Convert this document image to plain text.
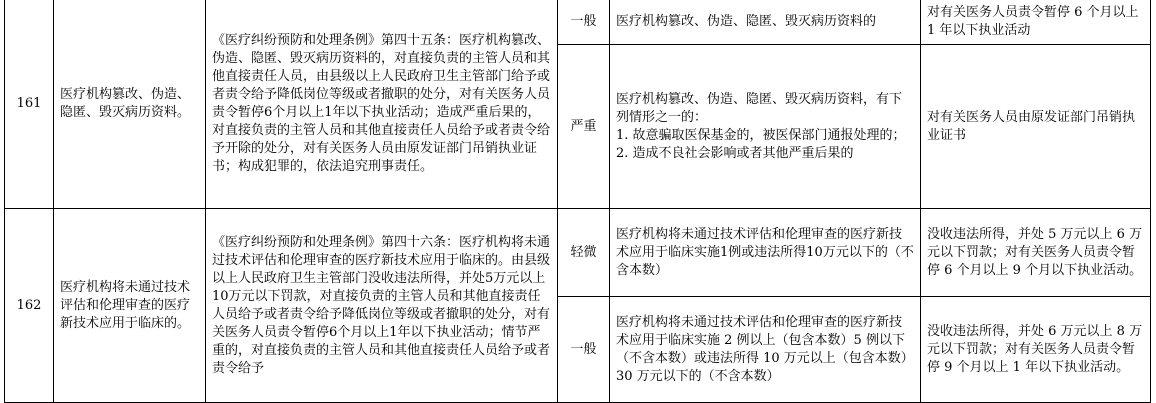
161	医疗机构篡改、伪造、隐匿、毁灭病历资料。	《医疗纠纷预防和处理条例》第四十五条：医疗机构篡改、伪造、隐匿、毁灭病历资料的，对直接负责的主管人员和其他直接责任人员，由县级以上人民政府卫生主管部门给予或者责令给予降低岗位等级或者撤职的处分，对有关医务人员责令暂停6个月以上1年以下执业活动；造成严重后果的，对直接负责的主管人员和其他直接责任人员给予或者责令给予开除的处分，对有关医务人员由原发证部门吊销执业证书；构成犯罪的，依法追究刑事责任。	一般	医疗机构篡改、伪造、隐匿、毁灭病历资料的	对有关医务人员责令暂停 6 个月以上 1 年以下执业活动
			严重	医疗机构篡改、伪造、隐匿、毁灭病历资料，有下列情形之一的：
1. 故意骗取医保基金的，被医保部门通报处理的；
2. 造成不良社会影响或者其他严重后果的	对有关医务人员由原发证部门吊销执业证书
162	医疗机构将未通过技术评估和伦理审查的医疗新技术应用于临床的。	《医疗纠纷预防和处理条例》第四十六条：医疗机构将未通过技术评估和伦理审查的医疗新技术应用于临床的。由县级以上人民政府卫生主管部门没收违法所得，并处5万元以上10万元以下罚款，对直接负责的主管人员和其他直接责任人员给予或者责令给予降低岗位等级或者撤职的处分，对有关医务人员责令暂停6个月以上1年以下执业活动；情节严重的，对直接负责的主管人员和其他直接责任人员给予或者责令给予	轻微	医疗机构将未通过技术评估和伦理审查的医疗新技术应用于临床实施1例或违法所得10万元以下的（不含本数）	没收违法所得，并处 5 万元以上 6 万元以下罚款；对有关医务人员责令暂停 6 个月以上 9 个月以下执业活动。
			一般	医疗机构将未通过技术评估和伦理审查的医疗新技术应用于临床实施 2 例以上（包含本数）5 例以下（不含本数）或违法所得 10 万元以上（包含本数）30 万元以下的（不含本数）	没收违法所得，并处 6 万元以上 8 万元以下罚款；对有关医务人员责令暂停 9 个月以上 1 年以下执业活动。
